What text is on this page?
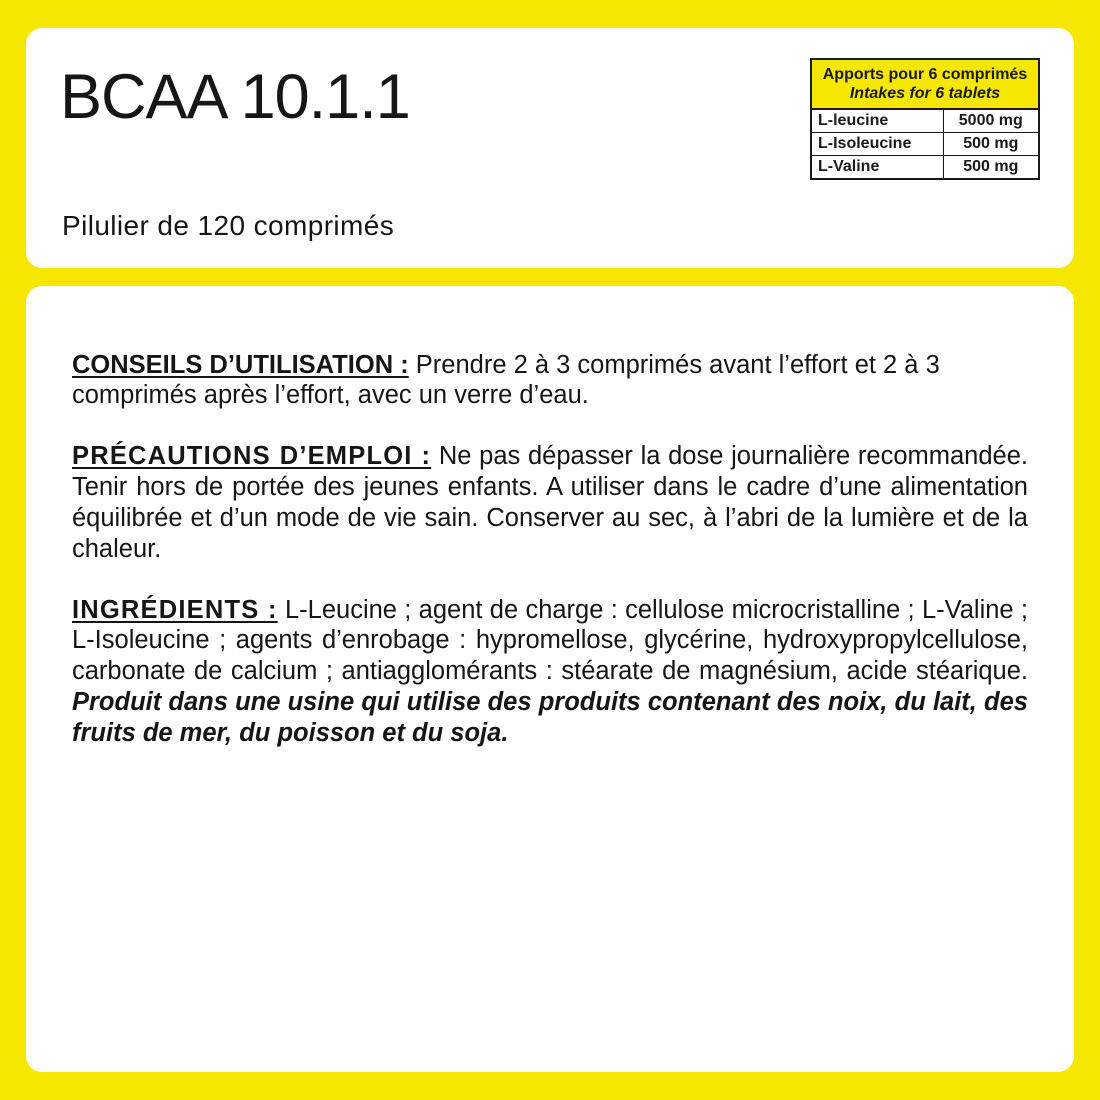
BCAA 10.1.1
Pilulier de 120 comprimés
Apports pour 6 comprimés
Intakes for 6 tablets
L-leucine	5000 mg
L-Isoleucine	500 mg
L-Valine	500 mg

CONSEILS D’UTILISATION : Prendre 2 à 3 comprimés avant l’effort et 2 à 3 comprimés après l’effort, avec un verre d’eau.

PRÉCAUTIONS D’EMPLOI : Ne pas dépasser la dose journalière recommandée. Tenir hors de portée des jeunes enfants. A utiliser dans le cadre d’une alimentation équilibrée et d’un mode de vie sain. Conserver au sec, à l’abri de la lumière et de la chaleur.

INGRÉDIENTS : L-Leucine ; agent de charge : cellulose microcristalline ; L-Valine ; L-Isoleucine ; agents d’enrobage : hypromellose, glycérine, hydroxypropylcellulose, carbonate de calcium ; antiagglomérants : stéarate de magnésium, acide stéarique. Produit dans une usine qui utilise des produits contenant des noix, du lait, des fruits de mer, du poisson et du soja.
